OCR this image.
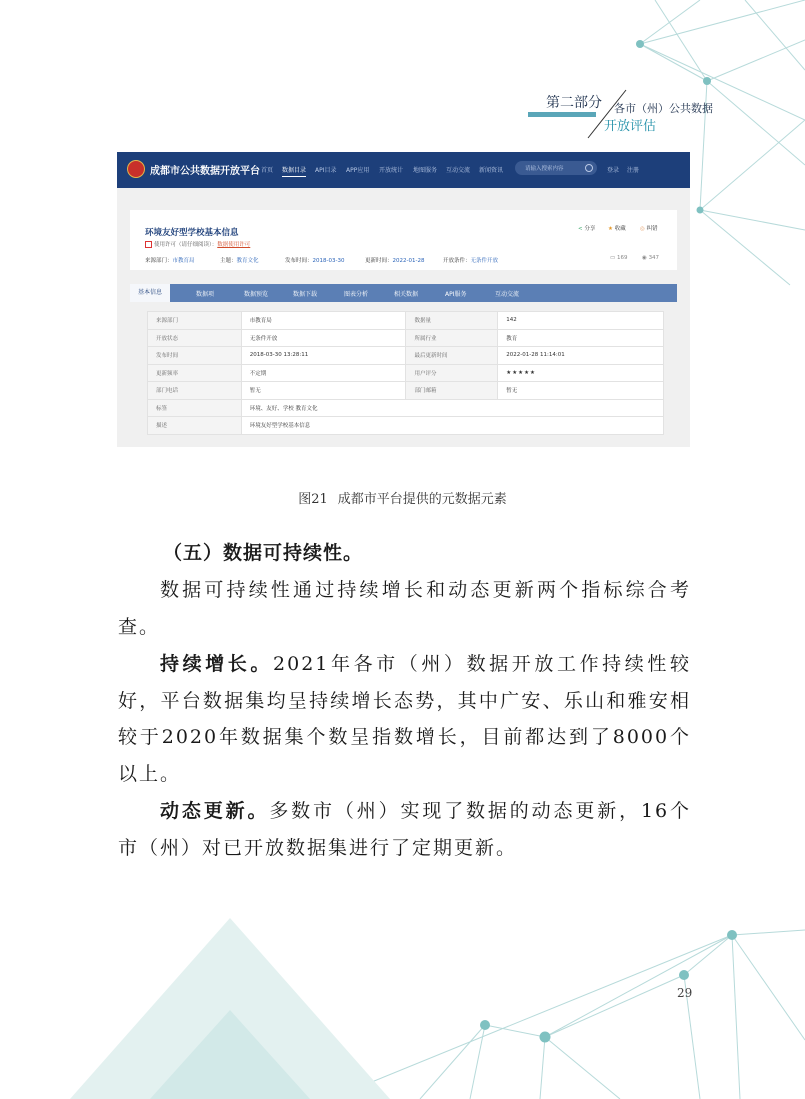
第二部分 各市（州）公共数据
开放评估
成都市公共数据开放平台 首页 数据目录 API目录 APP应用 开放统计 地图服务 互动交流 新闻资讯	请输入搜索内容	登录 注册
环境友好型学校基本信息
使用许可（请仔细阅读）：数据使用许可
来源部门：市教育局	主题：教育文化	发布时间：2018-03-30	更新时间：2022-01-28	开放条件：无条件开放
< 分享 ★ 收藏	◎ 纠错
▭ 169	◉ 347
基本信息	数据项	数据预览	数据下载	图表分析	相关数据	API服务	互动交流
来源部门	市教育局	数据量	142
开放状态	无条件开放	所属行业	教育
发布时间	2018-03-30 13:28:11	最后更新时间	2022-01-28 11:14:01
更新频率	不定期	用户评分	★★★★★
部门电话	暂无	部门邮箱	暂无
标签	环境、友好、学校 教育文化		
描述	环境友好型学校基本信息		
图21 成都市平台提供的元数据元素
（五）数据可持续性。
数据可持续性通过持续增长和动态更新两个指标综合考查。
持续增长。2021年各市（州）数据开放工作持续性较好，平台数据集均呈持续增长态势，其中广安、乐山和雅安相较于2020年数据集个数呈指数增长，目前都达到了8000个以上。
动态更新。多数市（州）实现了数据的动态更新，16个市（州）对已开放数据集进行了定期更新。
29
